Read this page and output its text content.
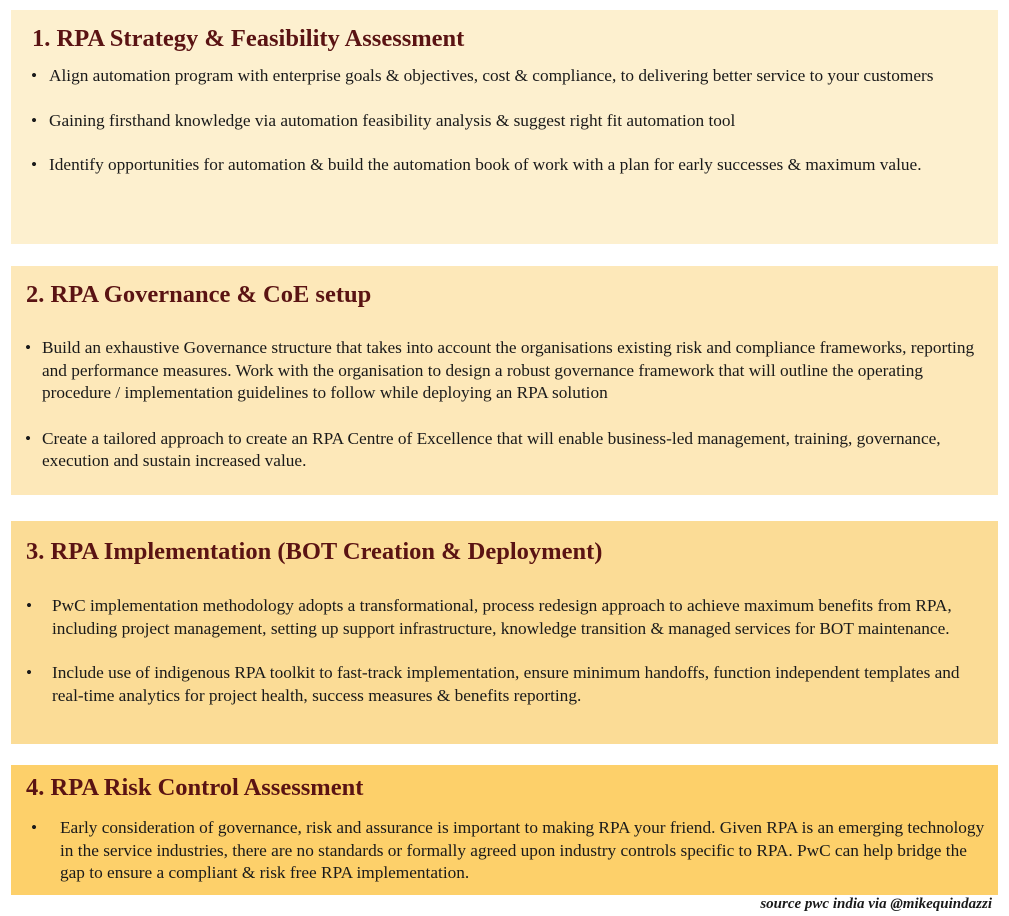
1. RPA Strategy & Feasibility Assessment
• Align automation program with enterprise goals & objectives, cost & compliance, to delivering better service to your customers
• Gaining firsthand knowledge via automation feasibility analysis & suggest right fit automation tool
• Identify opportunities for automation & build the automation book of work with a plan for early successes & maximum value.
2. RPA Governance & CoE setup
• Build an exhaustive Governance structure that takes into account the organisations existing risk and compliance frameworks, reporting and performance measures. Work with the organisation to design a robust governance framework that will outline the operating procedure / implementation guidelines to follow while deploying an RPA solution
• Create a tailored approach to create an RPA Centre of Excellence that will enable business-led management, training, governance, execution and sustain increased value.
3. RPA Implementation (BOT Creation & Deployment)
• PwC implementation methodology adopts a transformational, process redesign approach to achieve maximum benefits from RPA, including project management, setting up support infrastructure, knowledge transition & managed services for BOT maintenance.
• Include use of indigenous RPA toolkit to fast-track implementation, ensure minimum handoffs, function independent templates and real-time analytics for project health, success measures & benefits reporting.
4. RPA Risk Control Assessment
• Early consideration of governance, risk and assurance is important to making RPA your friend. Given RPA is an emerging technology in the service industries, there are no standards or formally agreed upon industry controls specific to RPA. PwC can help bridge the gap to ensure a compliant & risk free RPA implementation.
source pwc india via @mikequindazzi
